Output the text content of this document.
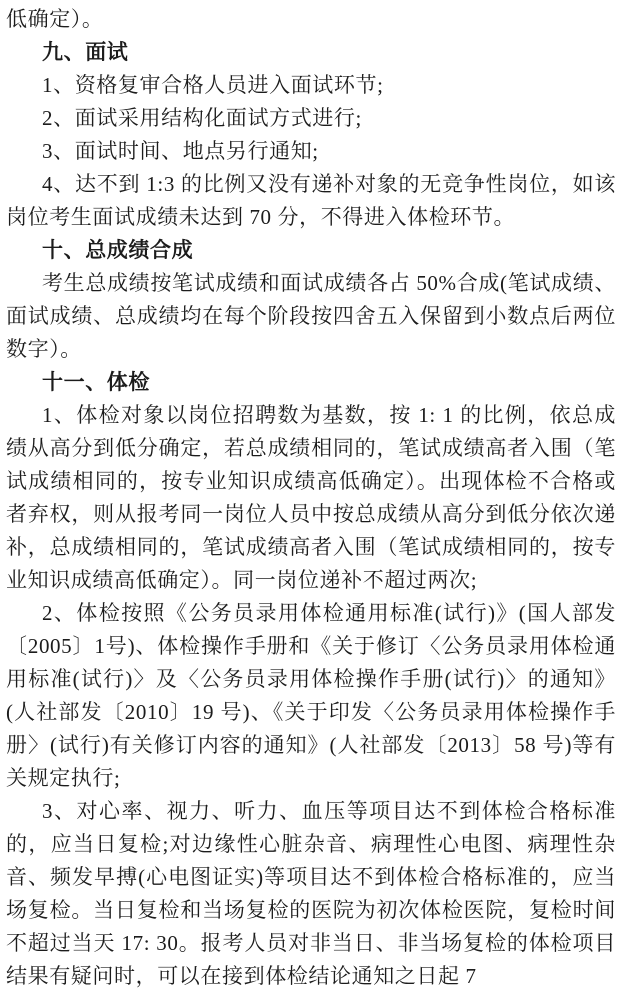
低确定）。

九、面试

1、资格复审合格人员进入面试环节;

2、面试采用结构化面试方式进行;

3、面试时间、地点另行通知;

4、达不到 1:3 的比例又没有递补对象的无竞争性岗位，如该岗位考生面试成绩未达到 70 分，不得进入体检环节。

十、总成绩合成

考生总成绩按笔试成绩和面试成绩各占 50%合成(笔试成绩、面试成绩、总成绩均在每个阶段按四舍五入保留到小数点后两位数字）。

十一、体检

1、体检对象以岗位招聘数为基数，按 1: 1 的比例，依总成绩从高分到低分确定，若总成绩相同的，笔试成绩高者入围（笔试成绩相同的，按专业知识成绩高低确定）。出现体检不合格或者弃权，则从报考同一岗位人员中按总成绩从高分到低分依次递补，总成绩相同的，笔试成绩高者入围（笔试成绩相同的，按专业知识成绩高低确定）。同一岗位递补不超过两次;

2、体检按照《公务员录用体检通用标准(试行)》(国人部发〔2005〕1号)、体检操作手册和《关于修订〈公务员录用体检通用标准(试行)〉及〈公务员录用体检操作手册(试行)〉的通知》(人社部发〔2010〕19 号)、《关于印发〈公务员录用体检操作手册〉(试行)有关修订内容的通知》(人社部发〔2013〕58 号)等有关规定执行;

3、对心率、视力、听力、血压等项目达不到体检合格标准的，应当日复检;对边缘性心脏杂音、病理性心电图、病理性杂音、频发早搏(心电图证实)等项目达不到体检合格标准的，应当场复检。当日复检和当场复检的医院为初次体检医院，复检时间不超过当天 17: 30。报考人员对非当日、非当场复检的体检项目结果有疑问时，可以在接到体检结论通知之日起 7
